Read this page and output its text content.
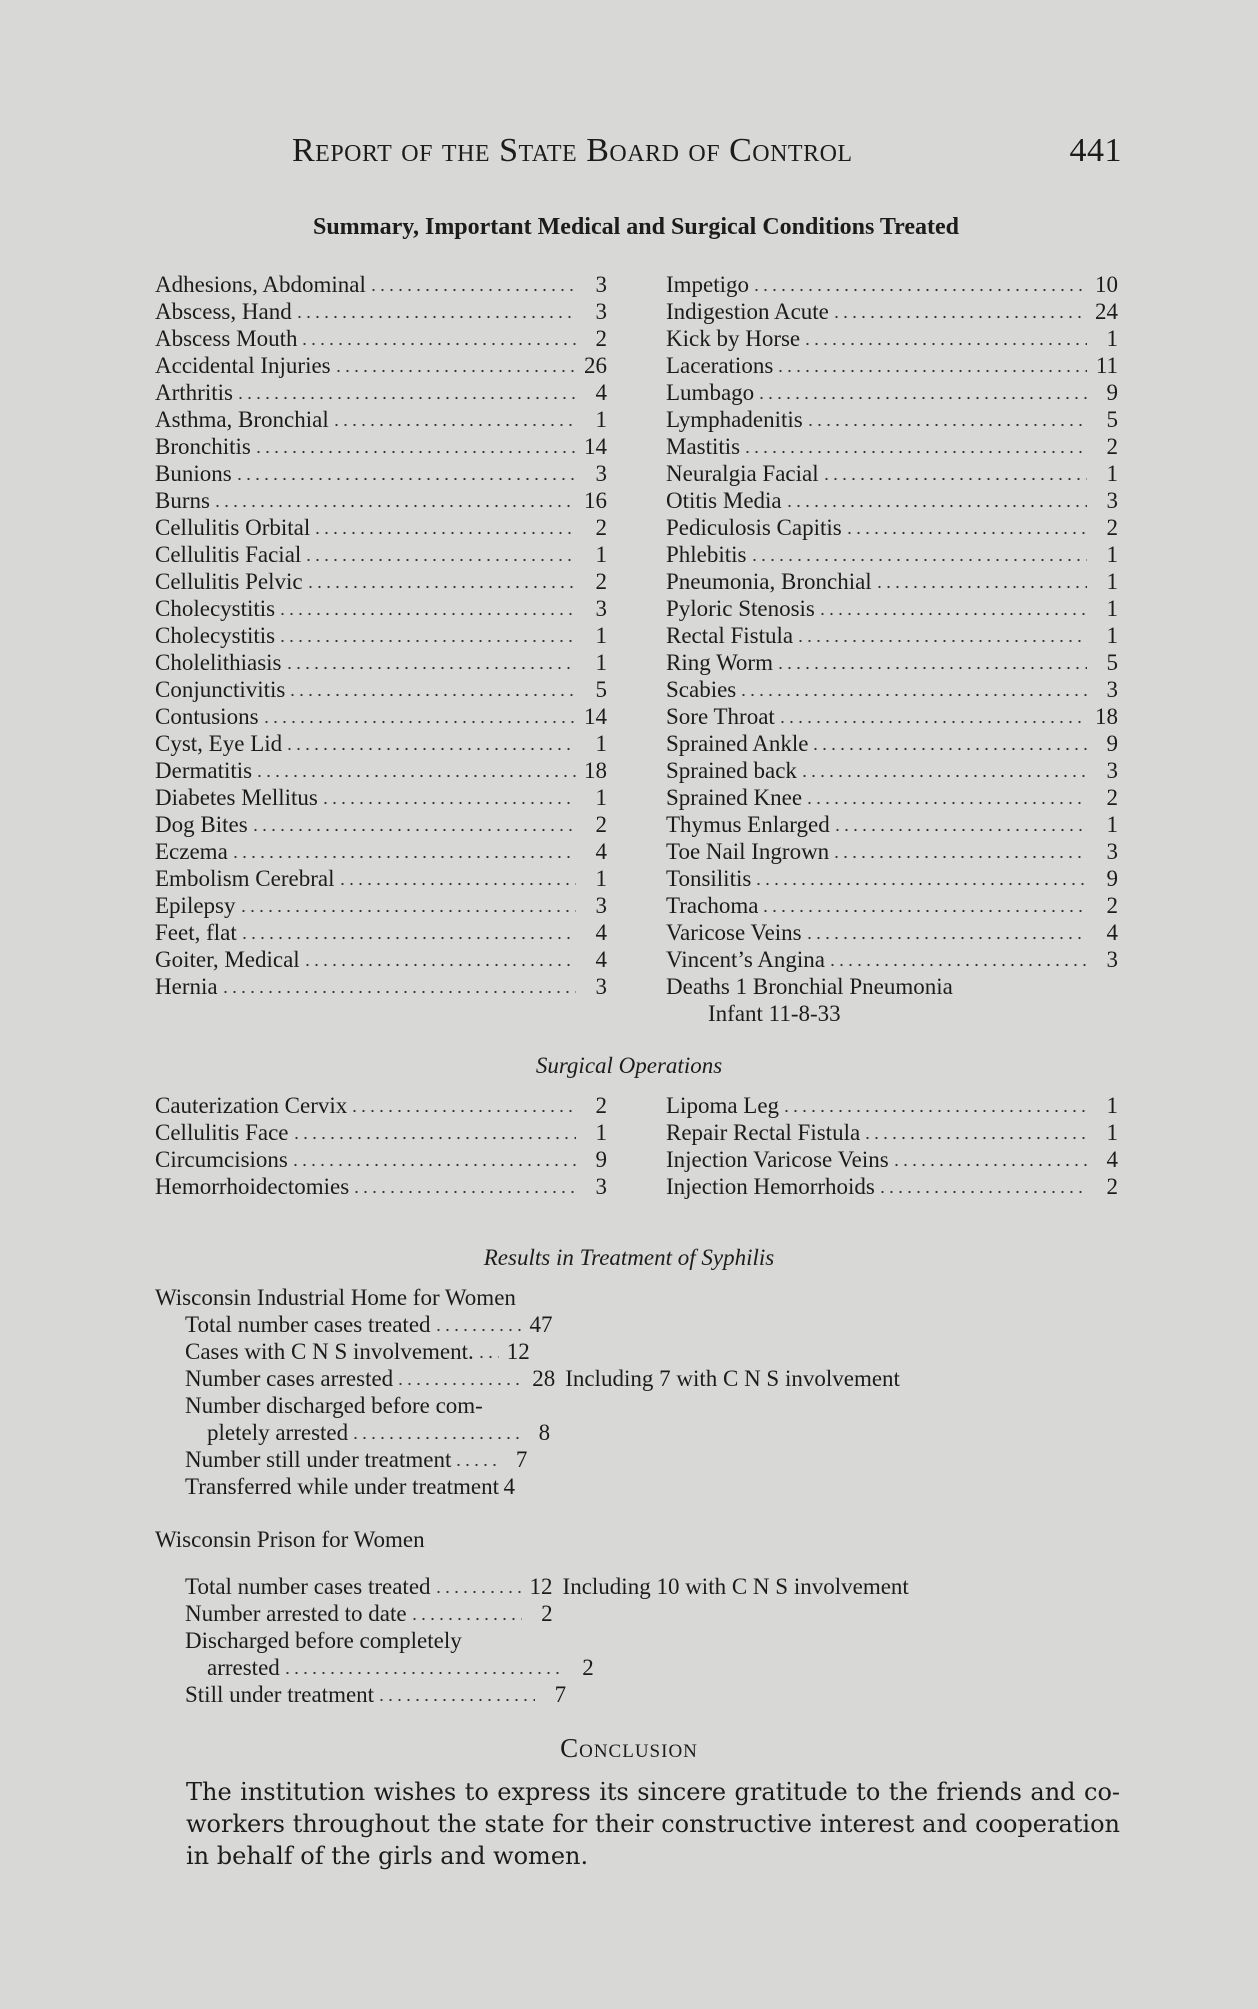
Report of the State Board of Control	441
Summary, Important Medical and Surgical Conditions Treated
Adhesions, Abdominal	3
Abscess, Hand	3
Abscess Mouth	2
Accidental Injuries	26
Arthritis	4
Asthma, Bronchial	1
Bronchitis	14
Bunions	3
Burns	16
Cellulitis Orbital	2
Cellulitis Facial	1
Cellulitis Pelvic	2
Cholecystitis	3
Cholecystitis	1
Cholelithiasis	1
Conjunctivitis	5
Contusions	14
Cyst, Eye Lid	1
Dermatitis	18
Diabetes Mellitus	1
Dog Bites	2
Eczema	4
Embolism Cerebral	1
Epilepsy	3
Feet, flat	4
Goiter, Medical	4
Hernia	3
Impetigo	10
Indigestion Acute	24
Kick by Horse	1
Lacerations	11
Lumbago	9
Lymphadenitis	5
Mastitis	2
Neuralgia Facial	1
Otitis Media	3
Pediculosis Capitis	2
Phlebitis	1
Pneumonia, Bronchial	1
Pyloric Stenosis	1
Rectal Fistula	1
Ring Worm	5
Scabies	3
Sore Throat	18
Sprained Ankle	9
Sprained back	3
Sprained Knee	2
Thymus Enlarged	1
Toe Nail Ingrown	3
Tonsilitis	9
Trachoma	2
Varicose Veins	4
Vincent’s Angina	3
Deaths 1 Bronchial Pneumonia
Infant 11-8-33
Surgical Operations
Cauterization Cervix	2
Cellulitis Face	1
Circumcisions	9
Hemorrhoidectomies	3
Lipoma Leg	1
Repair Rectal Fistula	1
Injection Varicose Veins	4
Injection Hemorrhoids	2
Results in Treatment of Syphilis
Wisconsin Industrial Home for Women
Total number cases treated	47
Cases with C N S involvement. 12
Number cases arrested	28 Including 7 with C N S involvement
Number discharged before com-
pletely arrested	8
Number still under treatment	7
Transferred while under treatment 4
Wisconsin Prison for Women
Total number cases treated	12 Including 10 with C N S involvement
Number arrested to date	2
Discharged before completely
arrested	2
Still under treatment	7
Conclusion
The institution wishes to express its sincere gratitude to the friends and co-workers throughout the state for their constructive interest and cooperation in behalf of the girls and women.
